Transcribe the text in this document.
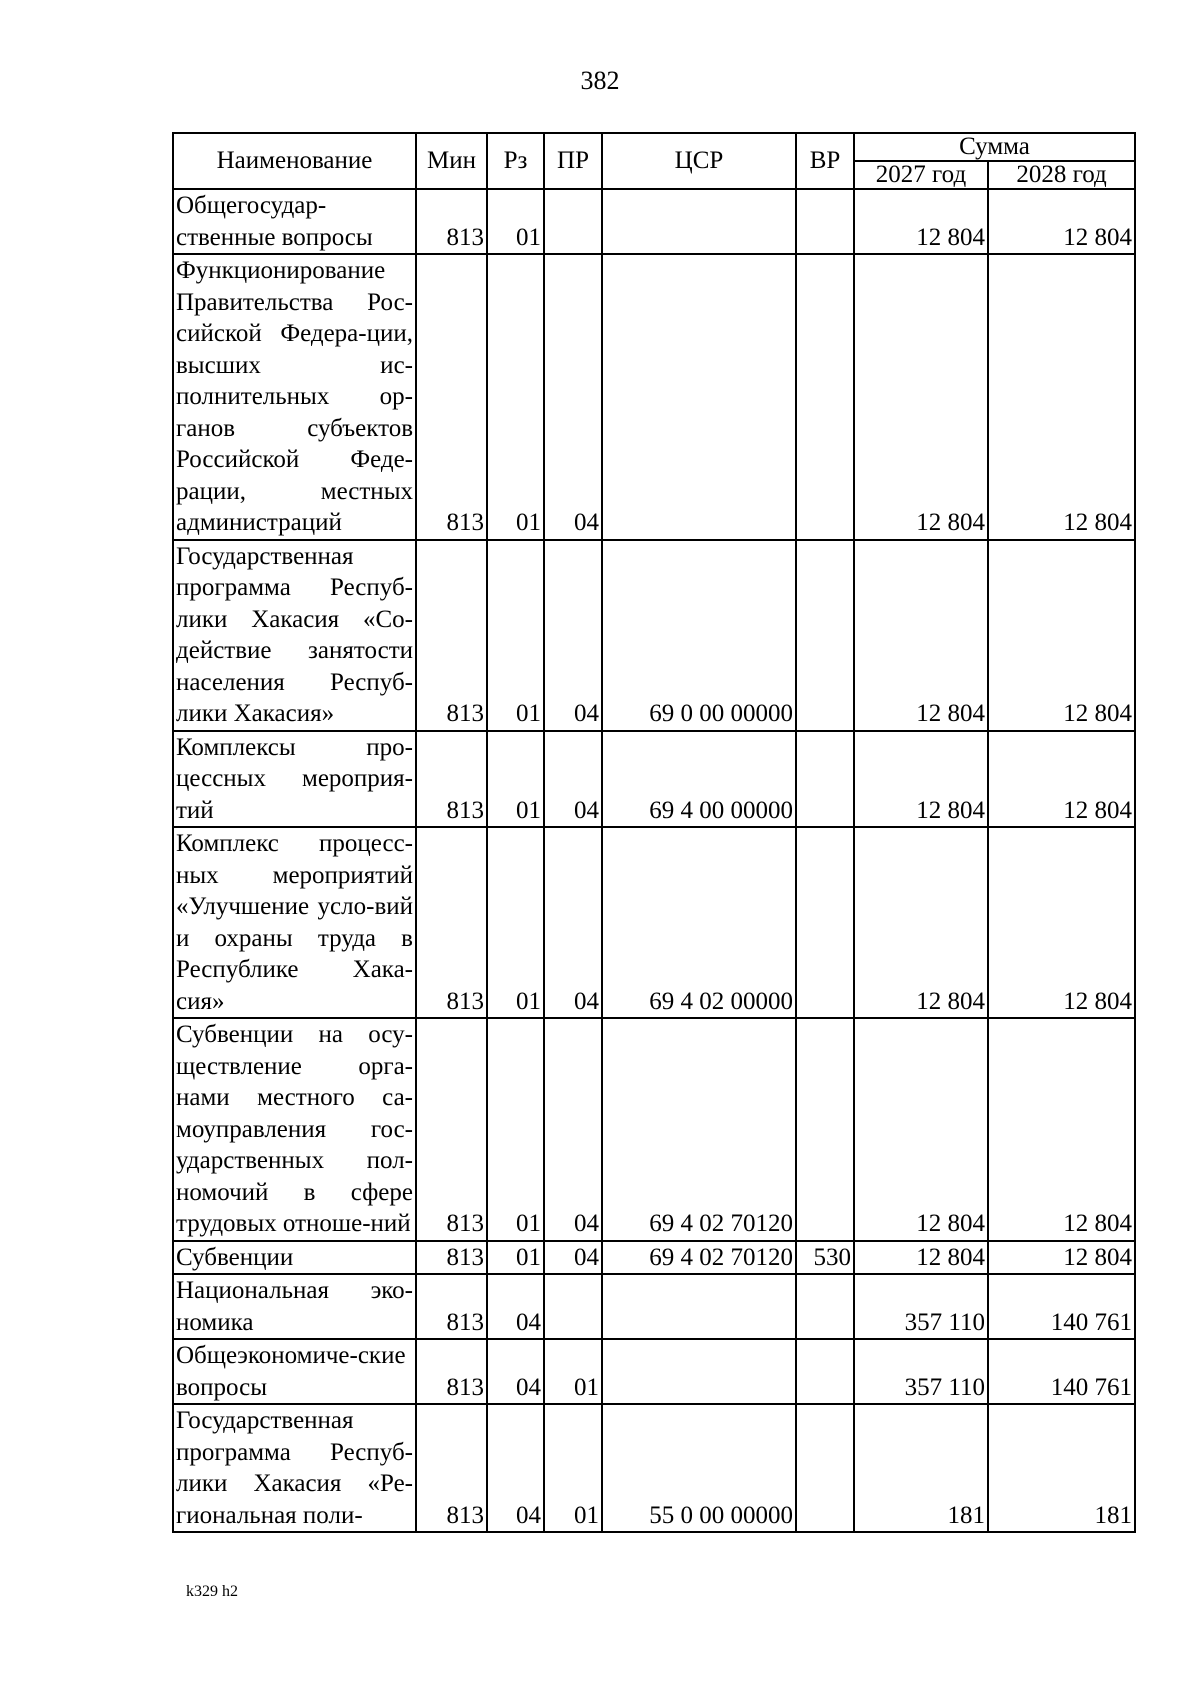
382
Наименование	Мин	Рз	ПР	ЦСР	ВР	Сумма	
						2027 год	2028 год
Общегосудар-ственные вопросы	813	01				12 804	12 804
Функционирование Правительства Рос-сийской Федера-ции, высших ис-полнительных ор-ганов субъектов Российской Феде-рации, местных администраций	813	01	04			12 804	12 804
Государственная программа Респуб-лики Хакасия «Со-действие занятости населения Респуб-лики Хакасия»	813	01	04	69 0 00 00000		12 804	12 804
Комплексы про-цессных мероприя-тий	813	01	04	69 4 00 00000		12 804	12 804
Комплекс процесс-ных мероприятий «Улучшение усло-вий и охраны труда в Республике Хака-сия»	813	01	04	69 4 02 00000		12 804	12 804
Субвенции на осу-ществление орга-нами местного са-моуправления гос-ударственных пол-номочий в сфере трудовых отноше-ний	813	01	04	69 4 02 70120		12 804	12 804
Субвенции	813	01	04	69 4 02 70120	530	12 804	12 804
Национальная эко-номика	813	04				357 110	140 761
Общеэкономиче-ские вопросы	813	04	01			357 110	140 761
Государственная программа Респуб-лики Хакасия «Ре-гиональная поли-	813	04	01	55 0 00 00000		181	181
k329 h2
